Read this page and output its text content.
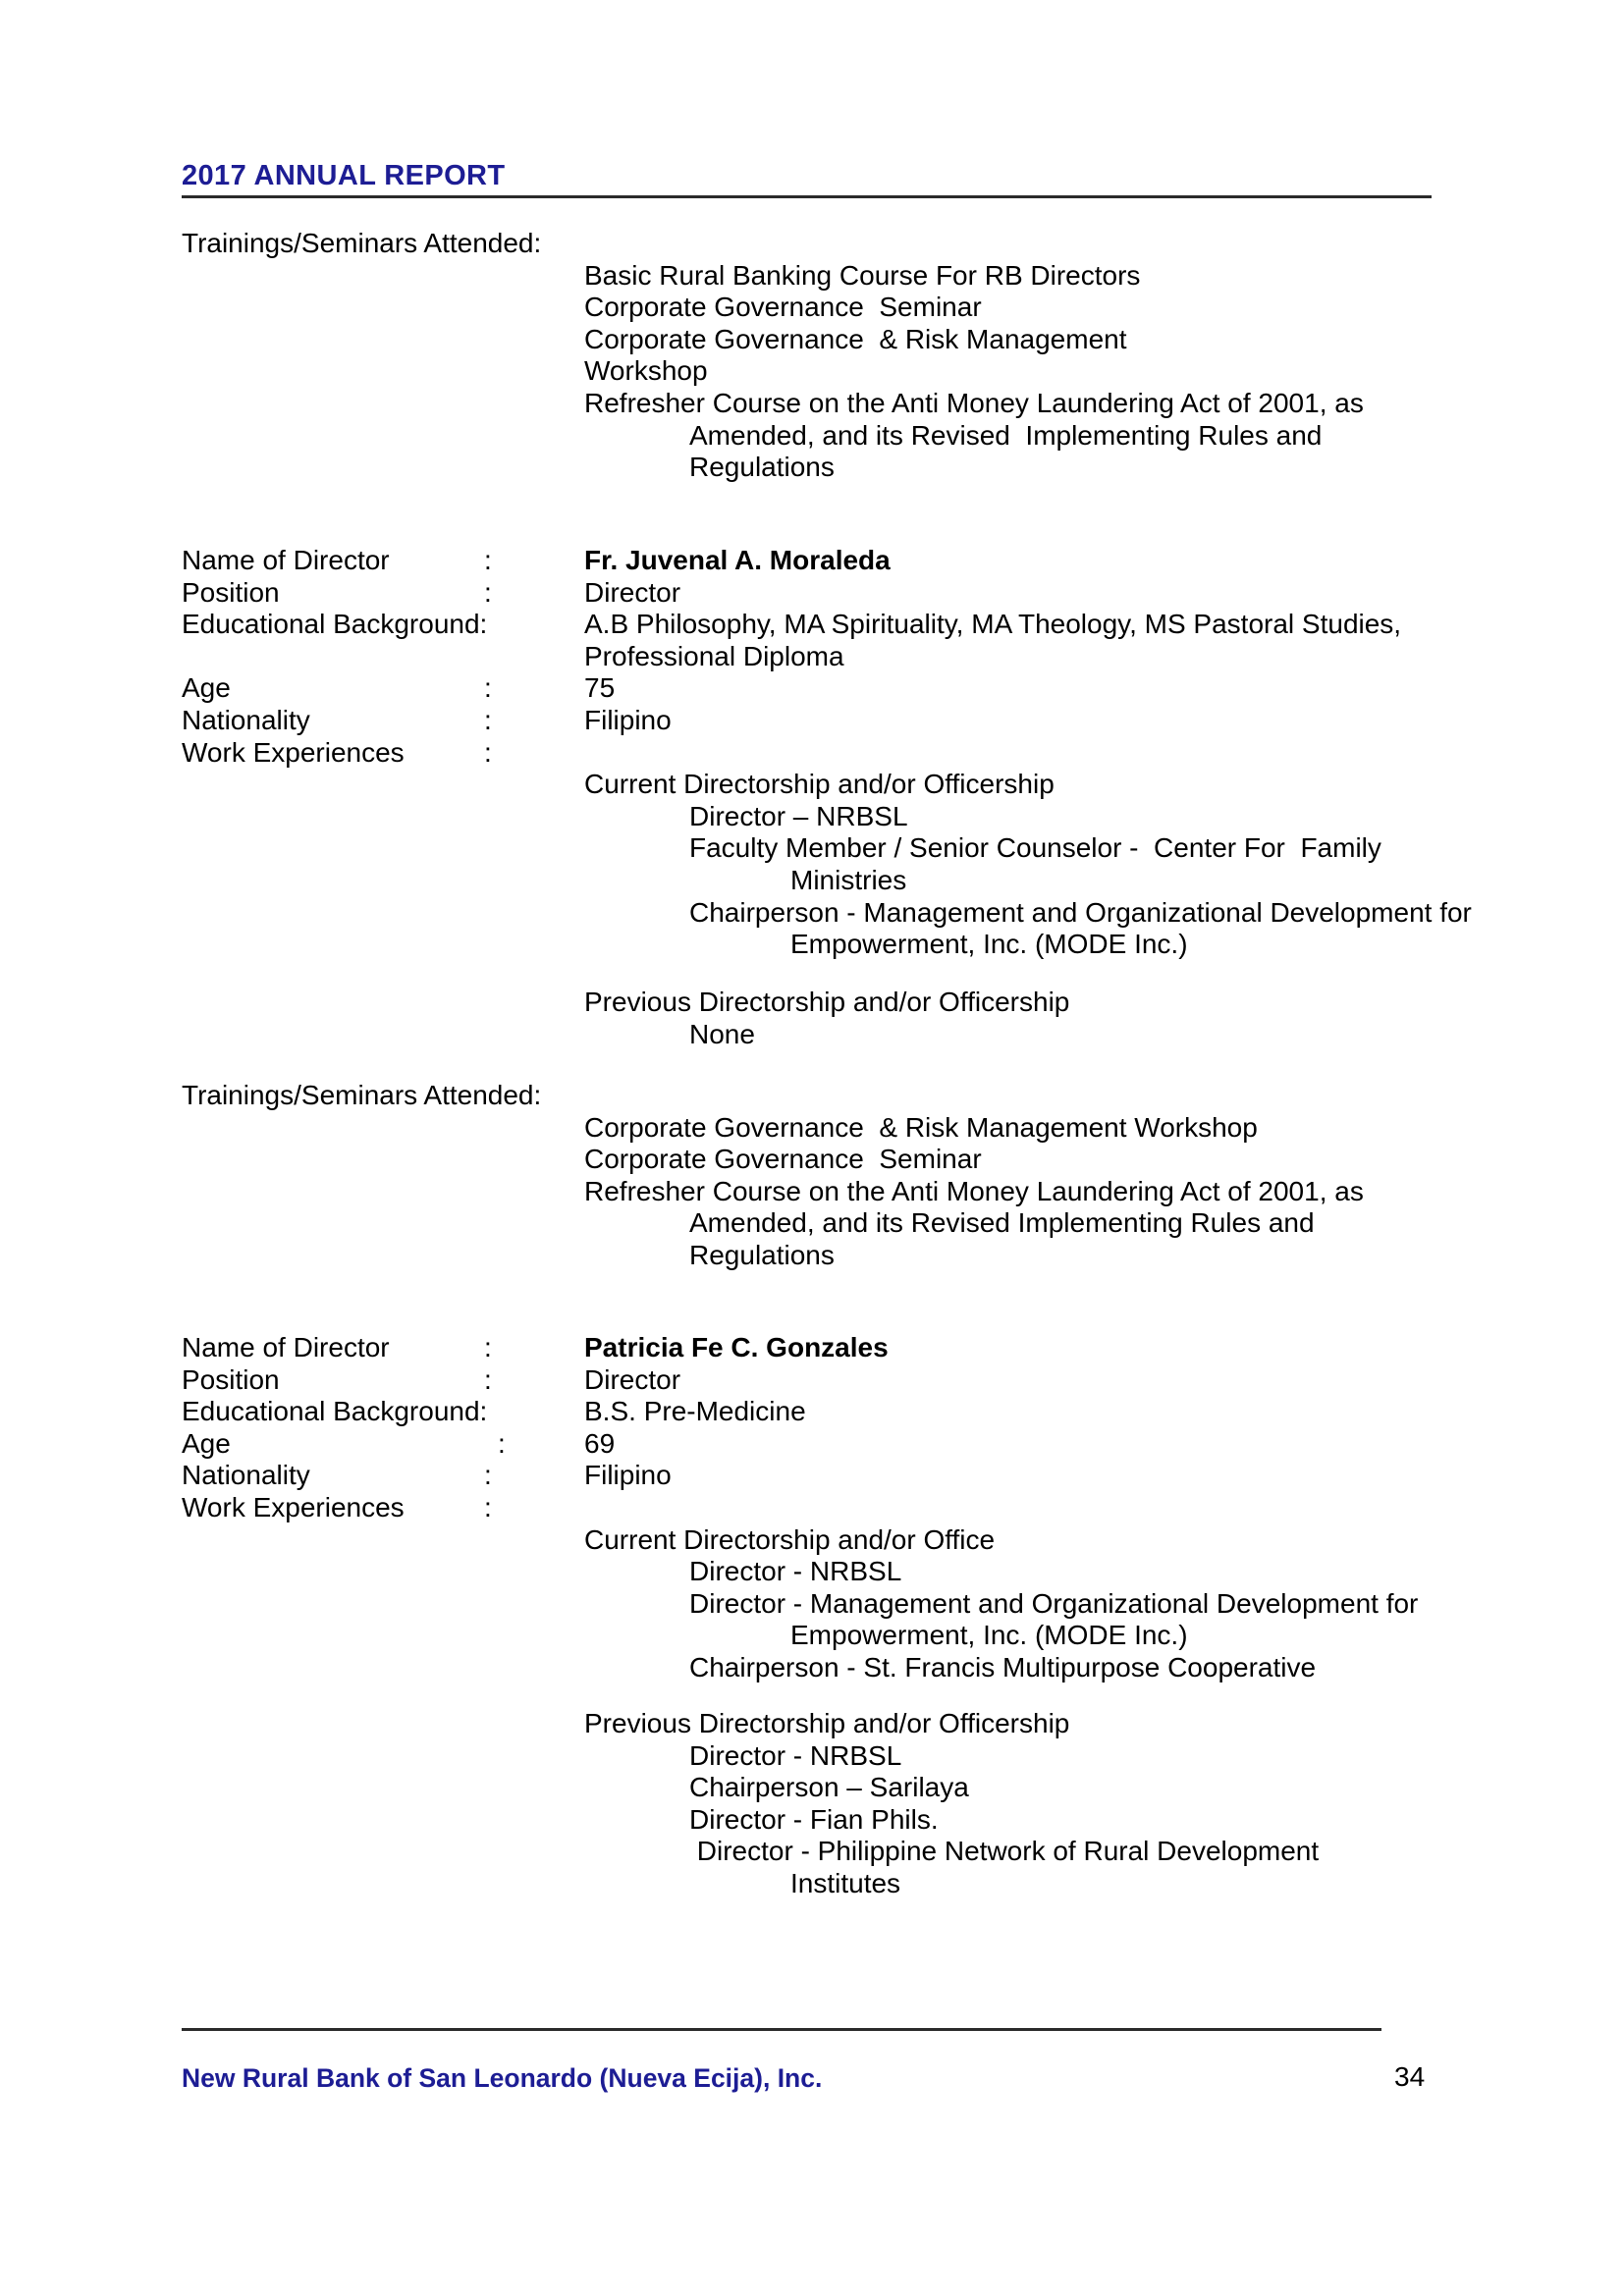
2017 ANNUAL REPORT
Trainings/Seminars Attended:
Basic Rural Banking Course For RB Directors
Corporate Governance  Seminar
Corporate Governance  & Risk Management
Workshop
Refresher Course on the Anti Money Laundering Act of 2001, as
Amended, and its Revised  Implementing Rules and
Regulations
Name of Director	:	Fr. Juvenal A. Moraleda
Position	:	Director
Educational Background:	A.B Philosophy, MA Spirituality, MA Theology, MS Pastoral Studies,
Professional Diploma
Age	:	75
Nationality	:	Filipino
Work Experiences	:
Current Directorship and/or Officership
Director – NRBSL
Faculty Member / Senior Counselor -  Center For  Family
Ministries
Chairperson - Management and Organizational Development for
Empowerment, Inc. (MODE Inc.)
Previous Directorship and/or Officership
None
Trainings/Seminars Attended:
Corporate Governance  & Risk Management Workshop
Corporate Governance  Seminar
Refresher Course on the Anti Money Laundering Act of 2001, as
Amended, and its Revised Implementing Rules and
Regulations
Name of Director	:	Patricia Fe C. Gonzales
Position	:	Director
Educational Background:	B.S. Pre-Medicine
Age	:	69
Nationality	:	Filipino
Work Experiences	:
Current Directorship and/or Office
Director - NRBSL
Director - Management and Organizational Development for
Empowerment, Inc. (MODE Inc.)
Chairperson - St. Francis Multipurpose Cooperative
Previous Directorship and/or Officership
Director - NRBSL
Chairperson – Sarilaya
Director - Fian Phils.
Director - Philippine Network of Rural Development
Institutes
New Rural Bank of San Leonardo (Nueva Ecija), Inc.	34
